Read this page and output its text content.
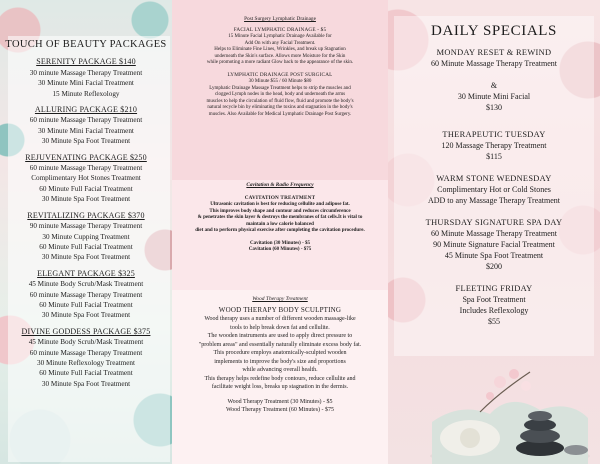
TOUCH OF BEAUTY PACKAGES
SERENITY PACKAGE $140
30 minute Massage Therapy Treatment
30 Minute Mini Facial Treatment
15 Minute Reflexology
ALLURING PACKAGE $210
60 minute Massage Therapy Treatment
30 Minute Mini Facial Treatment
30 Minute Spa Foot Treatment
REJUVENATING PACKAGE $250
60 minute Massage Therapy Treatment
Complimentary Hot Stones Treatment
60 Minute Full Facial Treatment
30 Minute Spa Foot Treatment
REVITALIZING PACKAGE $370
90 minute Massage Therapy Treatment
30 Minute Cupping Treatment
60 Minute Full Facial Treatment
30 Minute Spa Foot Treatment
ELEGANT PACKAGE $325
45 Minute Body Scrub/Mask Treatment
60 minute Massage Therapy Treatment
60 Minute Full Facial Treatment
30 Minute Spa Foot Treatment
DIVINE GODDESS PACKAGE $375
45 Minute Body Scrub/Mask Treatment
60 minute Massage Therapy Treatment
30 Minute Reflexology Treatment
60 Minute Full Facial Treatment
30 Minute Spa Foot Treatment
Post Surgery Lymphatic Drainage
FACIAL LYMPHATIC DRAINAGE - $5
15 Minute Facial Lymphatic Drainage Available for
Add On with any Facial Treatment.
Helps to Eliminate Fine Lines, Wrinkles, and break up Stagnation
underneath the Skin's surface. Allows more Moisture for the Skin
while promoting a more radiant Glow back to the appearance of the skin.
LYMPHATIC DRAINAGE POST SURGICAL
30 Minute $55 / 60 Minute $80
Lymphatic Drainage Massage Treatment helps to strip the muscles and
clogged Lymph nodes in the head, body and underneath the arms
muscles to help the circulation of fluid flow, fluid and promote the body's
natural recycle bin by eliminating the toxins and stagnation in the body's
muscles. Also Available for Medical Lymphatic Drainage Post Surgery.
Cavitation & Radio Frequency
CAVITATION TREATMENT
Ultrasonic cavitation is best for reducing cellulite and adipose fat.
This improves body shape and contour and reduces circumference
& penetrates the skin layer & destroys the membranes of fat cells.It is vital to
maintain a low calorie balanced
diet and to perform physical exercise after completing the cavitation procedure.
Cavitation (30 Minutes) - $5
Cavitation (60 Minutes) - $75
Wood Therapy Treatment
WOOD THERAPY BODY SCULPTING
Wood therapy uses a number of different wooden massage-like
tools to help break down fat and cellulite.
The wooden instruments are used to apply direct pressure to
"problem areas" and essentially naturally eliminate excess body fat.
This procedure employs anatomically-sculpted wooden
implements to improve the body's size and proportions
while advancing overall health.
This therapy helps redefine body contours, reduce cellulite and
facilitate weight loss, breaks up stagnation in the dermis.
Wood Therapy Treatment (30 Minutes) - $5
Wood Therapy Treatment (60 Minutes) - $75
DAILY SPECIALS
MONDAY RESET & REWIND
60 Minute Massage Therapy Treatment
&
30 Minute Mini Facial
$130
THERAPEUTIC TUESDAY
120 Massage Therapy Treatment
$115
WARM STONE WEDNESDAY
Complimentary Hot or Cold Stones
ADD to any Massage Therapy Treatment
THURSDAY SIGNATURE SPA DAY
60 Minute Massage Therapy Treatment
90 Minute Signature Facial Treatment
45 Minute Spa Foot Treatment
$200
FLEETING FRIDAY
Spa Foot Treatment
Includes Reflexology
$55
